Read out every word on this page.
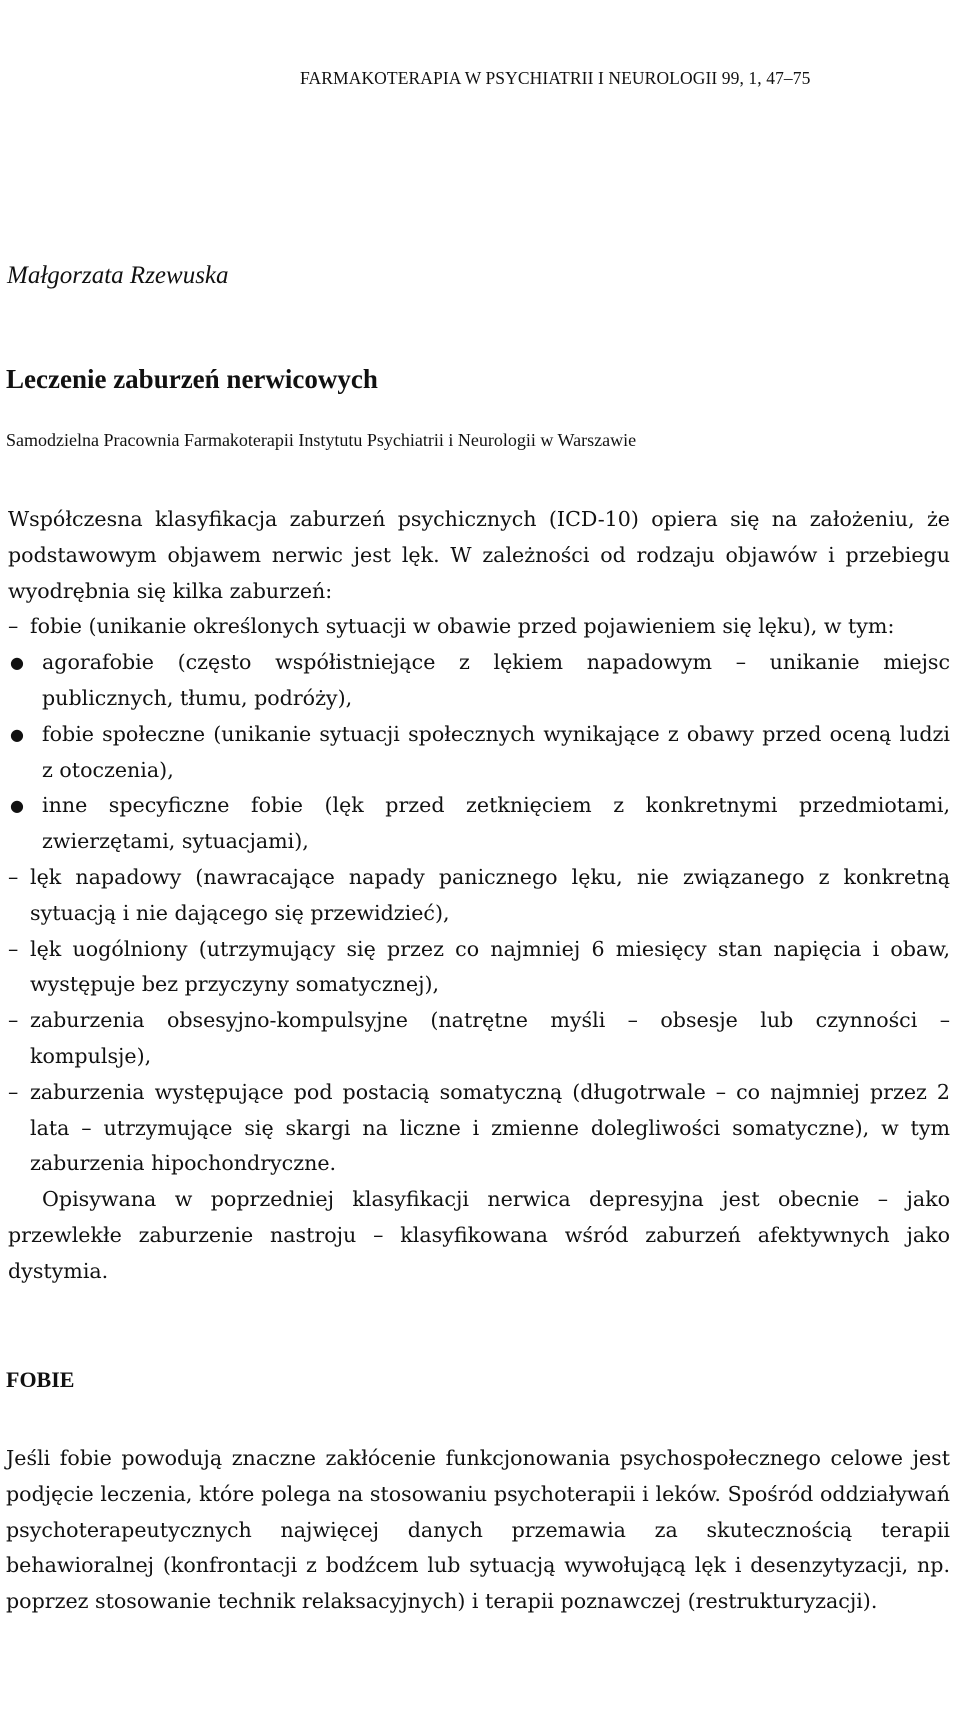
FARMAKOTERAPIA W PSYCHIATRII I NEUROLOGII 99, 1, 47–75
Małgorzata Rzewuska
Leczenie zaburzeń nerwicowych
Samodzielna Pracownia Farmakoterapii Instytutu Psychiatrii i Neurologii w Warszawie

Współczesna klasyfikacja zaburzeń psychicznych (ICD-10) opiera się na założeniu, że podstawowym objawem nerwic jest lęk. W zależności od rodzaju objawów i przebiegu wyodrębnia się kilka zaburzeń:

– fobie (unikanie określonych sytuacji w obawie przed pojawieniem się lęku), w tym:
● agorafobie (często współistniejące z lękiem napadowym – unikanie miejsc publicznych, tłumu, podróży),
● fobie społeczne (unikanie sytuacji społecznych wynikające z obawy przed oceną ludzi z otoczenia),
● inne specyficzne fobie (lęk przed zetknięciem z konkretnymi przedmiotami, zwierzętami, sytuacjami),
– lęk napadowy (nawracające napady panicznego lęku, nie związanego z konkretną sytuacją i nie dającego się przewidzieć),
– lęk uogólniony (utrzymujący się przez co najmniej 6 miesięcy stan napięcia i obaw, występuje bez przyczyny somatycznej),
– zaburzenia obsesyjno-kompulsyjne (natrętne myśli – obsesje lub czynności – kompulsje),
– zaburzenia występujące pod postacią somatyczną (długotrwale – co najmniej przez 2 lata – utrzymujące się skargi na liczne i zmienne dolegliwości somatyczne), w tym zaburzenia hipochondryczne.

Opisywana w poprzedniej klasyfikacji nerwica depresyjna jest obecnie – jako przewlekłe zaburzenie nastroju – klasyfikowana wśród zaburzeń afektywnych jako dystymia.

FOBIE

Jeśli fobie powodują znaczne zakłócenie funkcjonowania psychospołecznego celowe jest podjęcie leczenia, które polega na stosowaniu psychoterapii i leków. Spośród oddziaływań psychoterapeutycznych najwięcej danych przemawia za skutecznością terapii behawioralnej (konfrontacji z bodźcem lub sytuacją wywołującą lęk i desenzytyzacji, np. poprzez stosowanie technik relaksacyjnych) i terapii poznawczej (restrukturyzacji).
